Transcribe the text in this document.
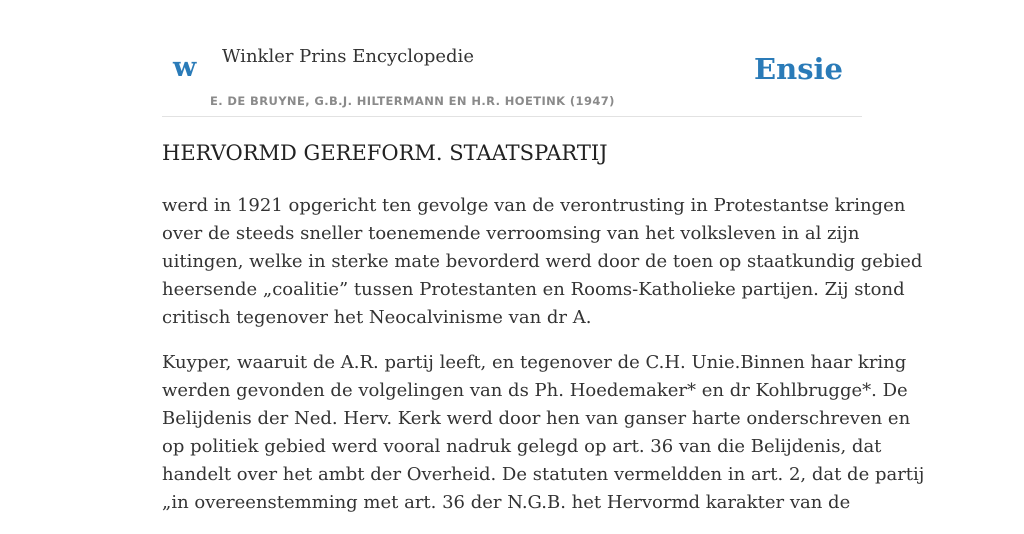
w Winkler Prins Encyclopedie
E. DE BRUYNE, G.B.J. HILTERMANN EN H.R. HOETINK (1947)
Ensie
HERVORMD GEREFORM. STAATSPARTIJ

werd in 1921 opgericht ten gevolge van de verontrusting in Protestantse kringen
over de steeds sneller toenemende verroomsing van het volksleven in al zijn
uitingen, welke in sterke mate bevorderd werd door de toen op staatkundig gebied
heersende „coalitie” tussen Protestanten en Rooms-Katholieke partijen. Zij stond
critisch tegenover het Neocalvinisme van dr A.

Kuyper, waaruit de A.R. partij leeft, en tegenover de C.H. Unie.Binnen haar kring
werden gevonden de volgelingen van ds Ph. Hoedemaker* en dr Kohlbrugge*. De
Belijdenis der Ned. Herv. Kerk werd door hen van ganser harte onderschreven en
op politiek gebied werd vooral nadruk gelegd op art. 36 van die Belijdenis, dat
handelt over het ambt der Overheid. De statuten vermeldden in art. 2, dat de partij
„in overeenstemming met art. 36 der N.G.B. het Hervormd karakter van de
